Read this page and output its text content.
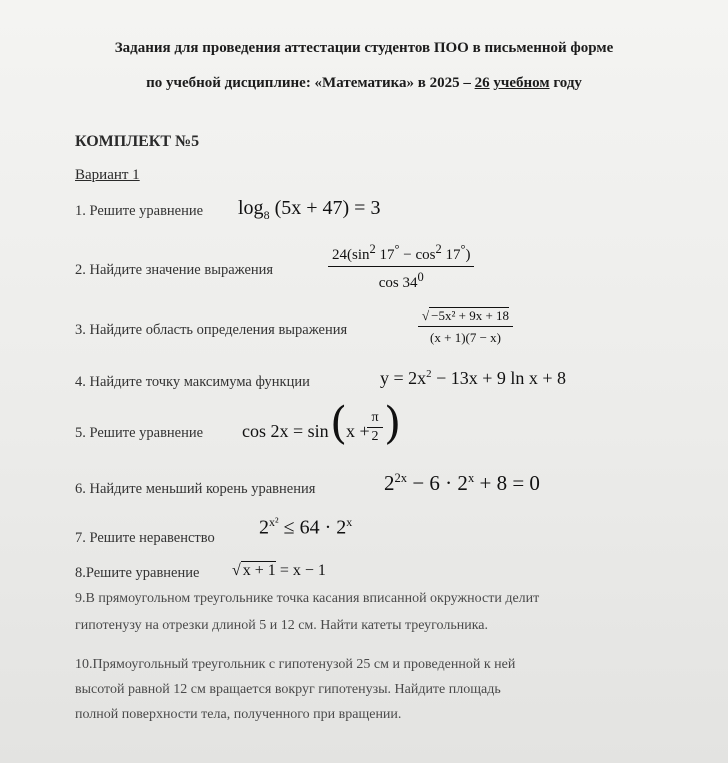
Задания для проведения аттестации студентов ПОО в письменной форме
по учебной дисциплине: «Математика» в 2025 – 26 учебном году
КОМПЛЕКТ №5
Вариант 1
1. Решите уравнение $\log_8 (5x + 47) = 3$
2. Найдите значение выражения	$\frac{24(\sin^2 17^\circ - \cos^2 17^\circ)}{\cos 34^0}$
3. Найдите область определения выражения	$\frac{\text{√ −5x² + 9x + 18}}{(x + 1)(7 - x)}$
4. Найдите точку максимума функции	$y = 2x^2 - 13x + 9$ ln x + 8
5. Решите уравнение cos 2x = sin (
x +
$\frac{\pi}{2}$ )
6. Найдите меньший корень уравнения	$2^{2x} - 6 \cdot 2^x + 8 = 0$
7. Решите неравенство $2^{x^2} \le 64 \cdot 2^x$
8.Решите уравнение √ x + 1 = x − 1
9.В прямоугольном треугольнике точка касания вписанной окружности делит
гипотенузу на отрезки длиной 5 и 12 см. Найти катеты треугольника.
10.Прямоугольный треугольник с гипотенузой 25 см и проведенной к ней
высотой равной 12 см вращается вокруг гипотенузы. Найдите площадь
полной поверхности тела, полученного при вращении.
